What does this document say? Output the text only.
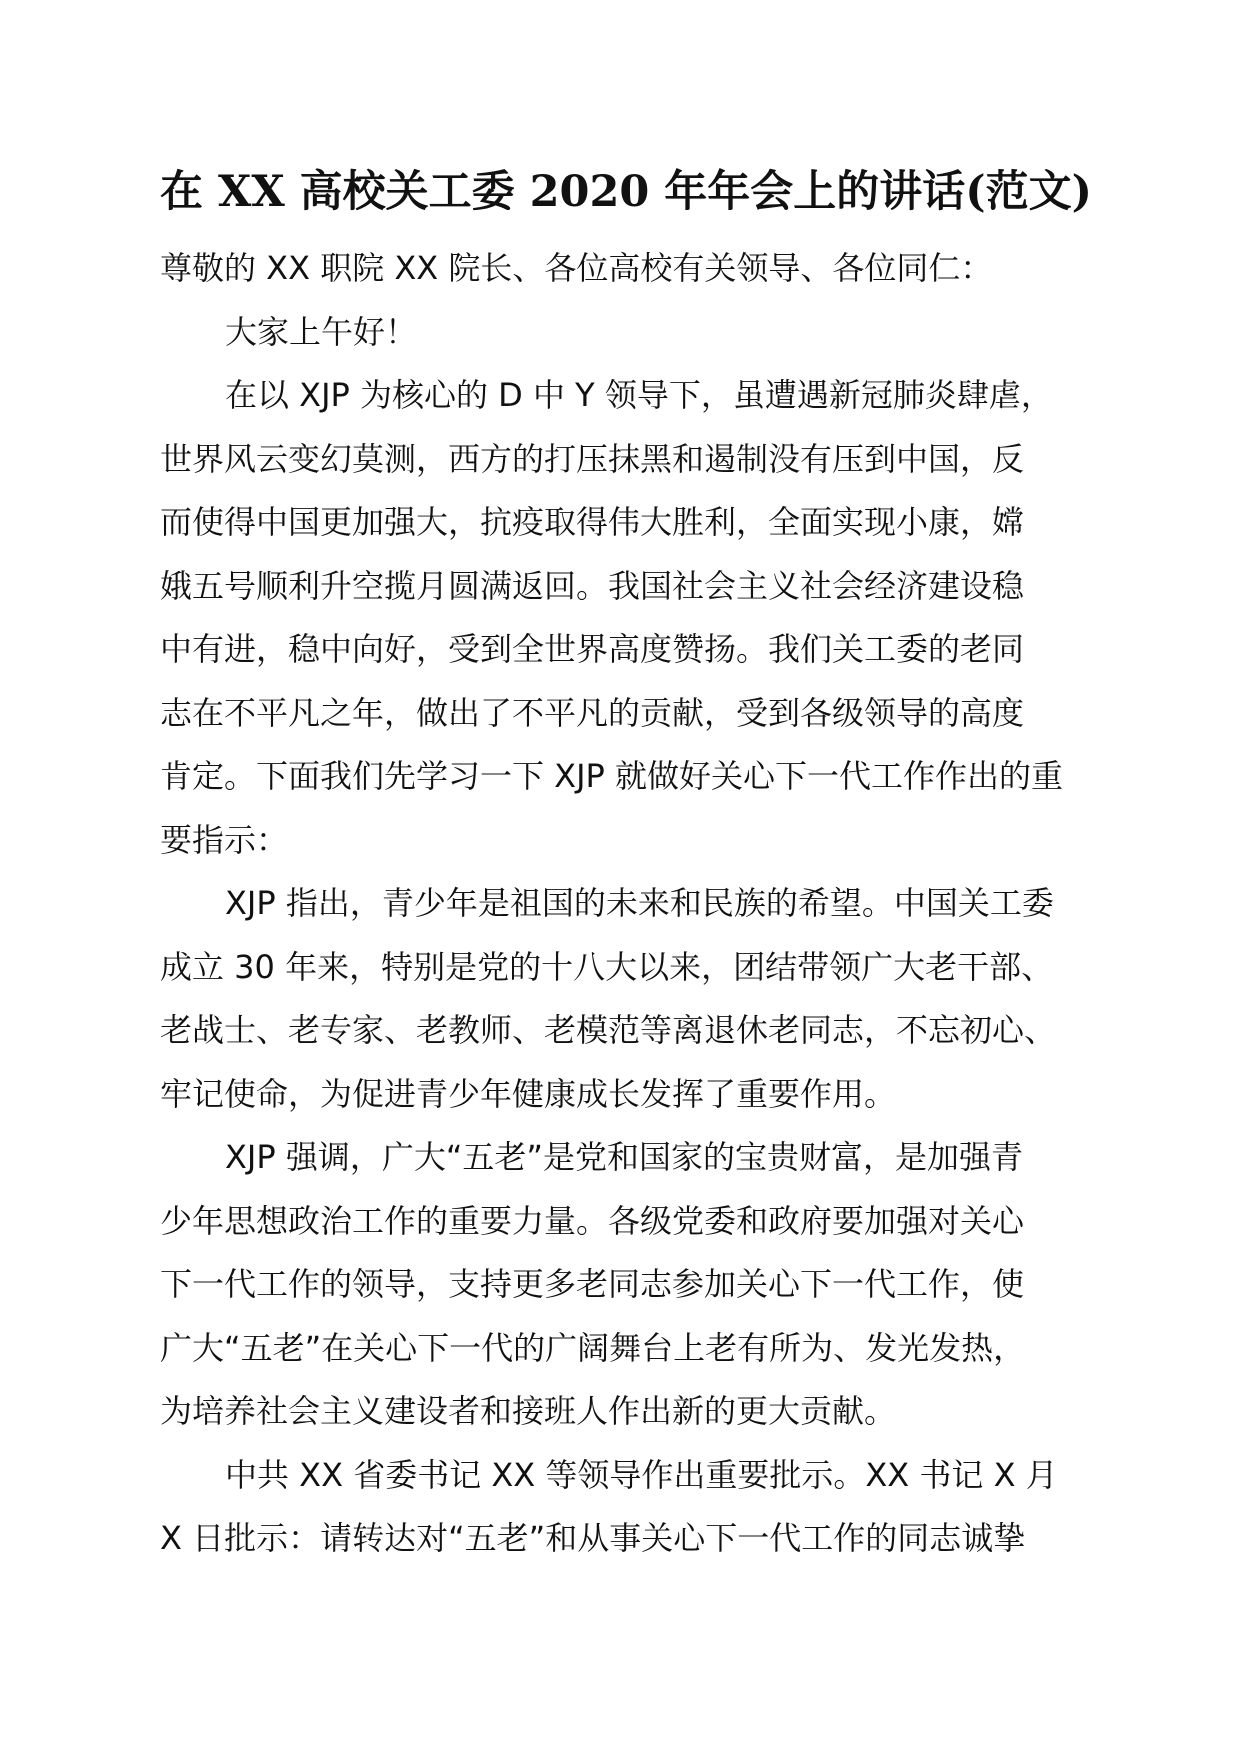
在 XX 高校关工委 2020 年年会上的讲话(范文)
尊敬的 XX 职院 XX 院长、各位高校有关领导、各位同仁：
大家上午好！
在以 XJP 为核心的 D 中 Y 领导下，虽遭遇新冠肺炎肆虐，
世界风云变幻莫测，西方的打压抹黑和遏制没有压到中国，反
而使得中国更加强大，抗疫取得伟大胜利，全面实现小康，嫦
娥五号顺利升空揽月圆满返回。我国社会主义社会经济建设稳
中有进，稳中向好，受到全世界高度赞扬。我们关工委的老同
志在不平凡之年，做出了不平凡的贡献，受到各级领导的高度
肯定。下面我们先学习一下 XJP 就做好关心下一代工作作出的重
要指示：
XJP 指出，青少年是祖国的未来和民族的希望。中国关工委
成立 30 年来，特别是党的十八大以来，团结带领广大老干部、
老战士、老专家、老教师、老模范等离退休老同志，不忘初心、
牢记使命，为促进青少年健康成长发挥了重要作用。
XJP 强调，广大“五老”是党和国家的宝贵财富，是加强青
少年思想政治工作的重要力量。各级党委和政府要加强对关心
下一代工作的领导，支持更多老同志参加关心下一代工作，使
广大“五老”在关心下一代的广阔舞台上老有所为、发光发热，
为培养社会主义建设者和接班人作出新的更大贡献。
中共 XX 省委书记 XX 等领导作出重要批示。XX 书记 X 月
X 日批示：请转达对“五老”和从事关心下一代工作的同志诚挚
